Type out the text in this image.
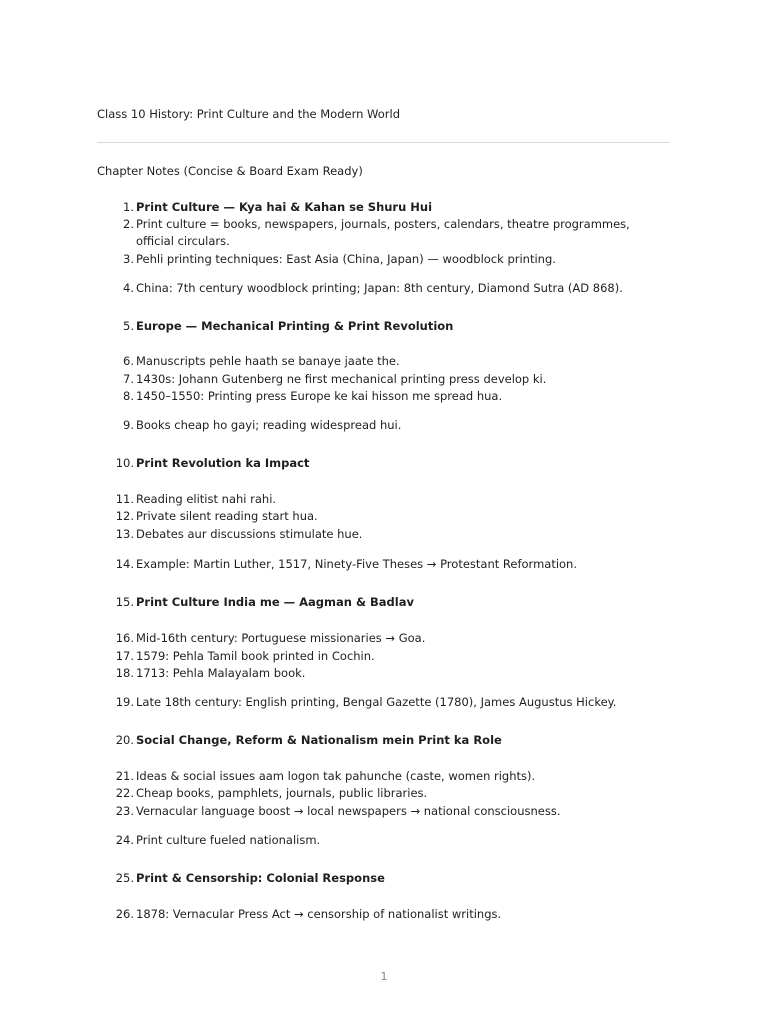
Class 10 History: Print Culture and the Modern World
Chapter Notes (Concise & Board Exam Ready)
1. Print Culture — Kya hai & Kahan se Shuru Hui
2. Print culture = books, newspapers, journals, posters, calendars, theatre programmes, official circulars.
3. Pehli printing techniques: East Asia (China, Japan) — woodblock printing.
4. China: 7th century woodblock printing; Japan: 8th century, Diamond Sutra (AD 868).
5. Europe — Mechanical Printing & Print Revolution
6. Manuscripts pehle haath se banaye jaate the.
7. 1430s: Johann Gutenberg ne first mechanical printing press develop ki.
8. 1450–1550: Printing press Europe ke kai hisson me spread hua.
9. Books cheap ho gayi; reading widespread hui.
10. Print Revolution ka Impact
11. Reading elitist nahi rahi.
12. Private silent reading start hua.
13. Debates aur discussions stimulate hue.
14. Example: Martin Luther, 1517, Ninety-Five Theses → Protestant Reformation.
15. Print Culture India me — Aagman & Badlav
16. Mid-16th century: Portuguese missionaries → Goa.
17. 1579: Pehla Tamil book printed in Cochin.
18. 1713: Pehla Malayalam book.
19. Late 18th century: English printing, Bengal Gazette (1780), James Augustus Hickey.
20. Social Change, Reform & Nationalism mein Print ka Role
21. Ideas & social issues aam logon tak pahunche (caste, women rights).
22. Cheap books, pamphlets, journals, public libraries.
23. Vernacular language boost → local newspapers → national consciousness.
24. Print culture fueled nationalism.
25. Print & Censorship: Colonial Response
26. 1878: Vernacular Press Act → censorship of nationalist writings.
1
